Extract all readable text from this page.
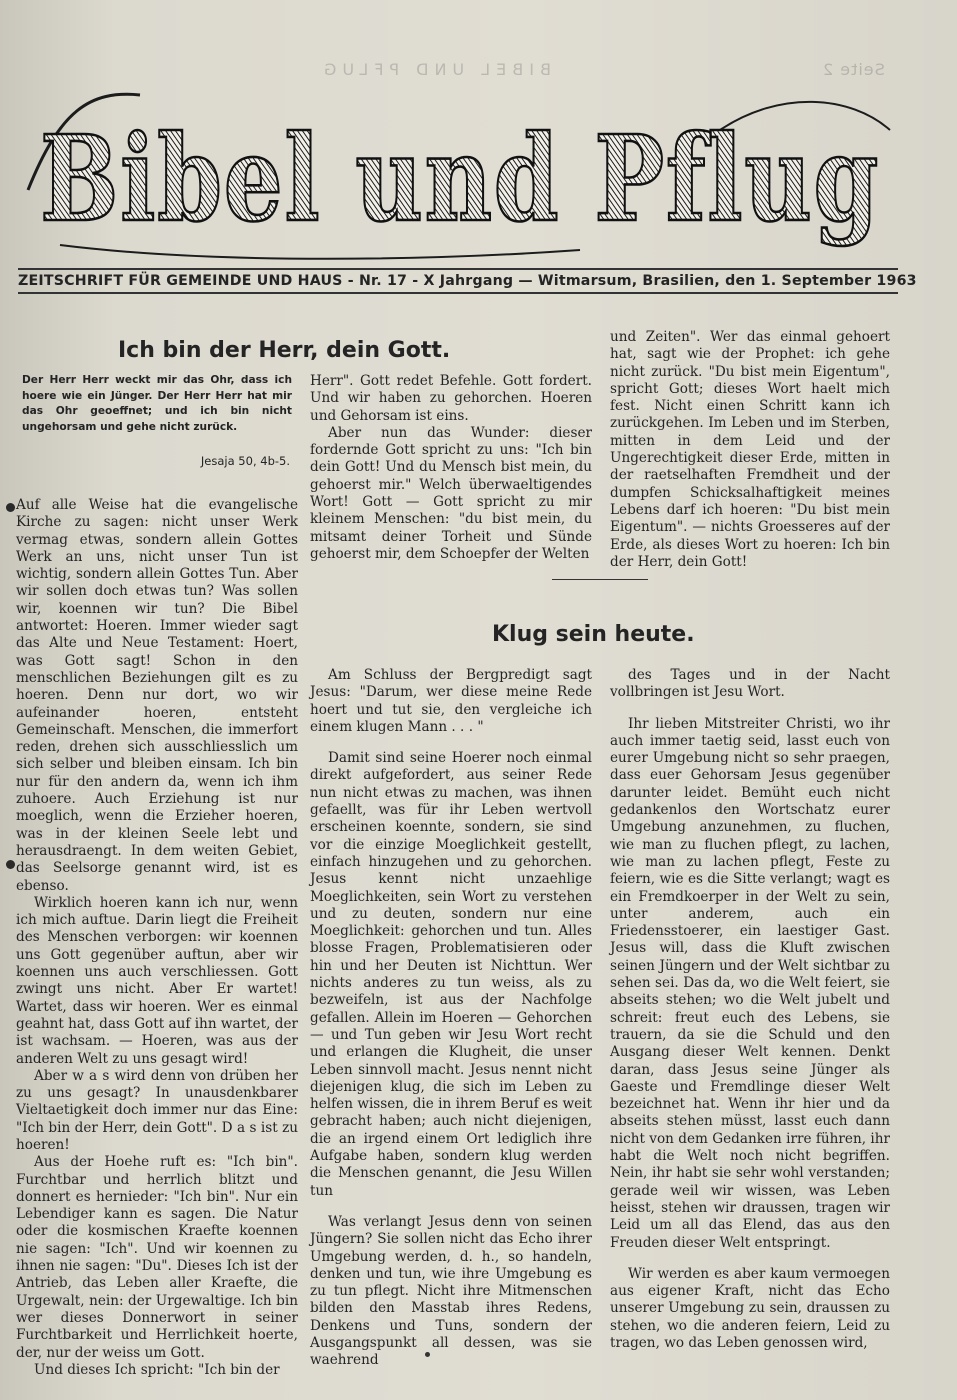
BIBEL UND PFLUG	Seite 2
Bibel und Pflug
ZEITSCHRIFT FÜR GEMEINDE UND HAUS - Nr. 17 - X Jahrgang — Witmarsum, Brasilien, den 1. September 1963
Ich bin der Herr, dein Gott.
Der Herr Herr weckt mir das Ohr, dass ich hoere wie ein Jünger. Der Herr Herr hat mir das Ohr geoeffnet; und ich bin nicht ungehorsam und gehe nicht zurück.
Jesaja 50, 4b-5.

Auf alle Weise hat die evangelische Kirche zu sagen: nicht unser Werk vermag etwas, sondern allein Gottes Werk an uns, nicht unser Tun ist wichtig, sondern allein Gottes Tun. Aber wir sollen doch etwas tun? Was sollen wir, koennen wir tun? Die Bibel antwortet: Hoeren. Immer wieder sagt das Alte und Neue Testament: Hoert, was Gott sagt! Schon in den menschlichen Beziehungen gilt es zu hoeren. Denn nur dort, wo wir aufeinander hoeren, entsteht Gemeinschaft. Menschen, die immerfort reden, drehen sich ausschliesslich um sich selber und bleiben einsam. Ich bin nur für den andern da, wenn ich ihm zuhoere. Auch Erziehung ist nur moeglich, wenn die Erzieher hoeren, was in der kleinen Seele lebt und herausdraengt. In dem weiten Gebiet, das Seelsorge genannt wird, ist es ebenso.

Wirklich hoeren kann ich nur, wenn ich mich auftue. Darin liegt die Freiheit des Menschen verborgen: wir koennen uns Gott gegenüber auftun, aber wir koennen uns auch verschliessen. Gott zwingt uns nicht. Aber Er wartet! Wartet, dass wir hoeren. Wer es einmal geahnt hat, dass Gott auf ihn wartet, der ist wachsam. — Hoeren, was aus der anderen Welt zu uns gesagt wird!

Aber w a s wird denn von drüben her zu uns gesagt? In unausdenkbarer Vieltaetigkeit doch immer nur das Eine: "Ich bin der Herr, dein Gott". D a s ist zu hoeren!

Aus der Hoehe ruft es: "Ich bin". Furchtbar und herrlich blitzt und donnert es hernieder: "Ich bin". Nur ein Lebendiger kann es sagen. Die Natur oder die kosmischen Kraefte koennen nie sagen: "Ich". Und wir koennen zu ihnen nie sagen: "Du". Dieses Ich ist der Antrieb, das Leben aller Kraefte, die Urgewalt, nein: der Urgewaltige. Ich bin wer dieses Donnerwort in seiner Furchtbarkeit und Herrlichkeit hoerte, der, nur der weiss um Gott.

Und dieses Ich spricht: "Ich bin der

Herr". Gott redet Befehle. Gott fordert. Und wir haben zu gehorchen. Hoeren und Gehorsam ist eins.

Aber nun das Wunder: dieser fordernde Gott spricht zu uns: "Ich bin dein Gott! Und du Mensch bist mein, du gehoerst mir." Welch überwaeltigendes Wort! Gott — Gott spricht zu mir kleinem Menschen: "du bist mein, du mitsamt deiner Torheit und Sünde gehoerst mir, dem Schoepfer der Welten

und Zeiten". Wer das einmal gehoert hat, sagt wie der Prophet: ich gehe nicht zurück. "Du bist mein Eigentum", spricht Gott; dieses Wort haelt mich fest. Nicht einen Schritt kann ich zurückgehen. Im Leben und im Sterben, mitten in dem Leid und der Ungerechtigkeit dieser Erde, mitten in der raetselhaften Fremdheit und der dumpfen Schicksalhaftigkeit meines Lebens darf ich hoeren: "Du bist mein Eigentum". — nichts Groesseres auf der Erde, als dieses Wort zu hoeren: Ich bin der Herr, dein Gott!

Klug sein heute.

Am Schluss der Bergpredigt sagt Jesus: "Darum, wer diese meine Rede hoert und tut sie, den vergleiche ich einem klugen Mann . . . "

Damit sind seine Hoerer noch einmal direkt aufgefordert, aus seiner Rede nun nicht etwas zu machen, was ihnen gefaellt, was für ihr Leben wertvoll erscheinen koennte, sondern, sie sind vor die einzige Moeglichkeit gestellt, einfach hinzugehen und zu gehorchen. Jesus kennt nicht unzaehlige Moeglichkeiten, sein Wort zu verstehen und zu deuten, sondern nur eine Moeglichkeit: gehorchen und tun. Alles blosse Fragen, Problematisieren oder hin und her Deuten ist Nichttun. Wer nichts anderes zu tun weiss, als zu bezweifeln, ist aus der Nachfolge gefallen. Allein im Hoeren — Gehorchen — und Tun geben wir Jesu Wort recht und erlangen die Klugheit, die unser Leben sinnvoll macht. Jesus nennt nicht diejenigen klug, die sich im Leben zu helfen wissen, die in ihrem Beruf es weit gebracht haben; auch nicht diejenigen, die an irgend einem Ort lediglich ihre Aufgabe haben, sondern klug werden die Menschen genannt, die Jesu Willen tun

Was verlangt Jesus denn von seinen Jüngern? Sie sollen nicht das Echo ihrer Umgebung werden, d. h., so handeln, denken und tun, wie ihre Umgebung es zu tun pflegt. Nicht ihre Mitmenschen bilden den Masstab ihres Redens, Denkens und Tuns, sondern der Ausgangspunkt all dessen, was sie waehrend

des Tages und in der Nacht vollbringen ist Jesu Wort.

Ihr lieben Mitstreiter Christi, wo ihr auch immer taetig seid, lasst euch von eurer Umgebung nicht so sehr praegen, dass euer Gehorsam Jesus gegenüber darunter leidet. Bemüht euch nicht gedankenlos den Wortschatz eurer Umgebung anzunehmen, zu fluchen, wie man zu fluchen pflegt, zu lachen, wie man zu lachen pflegt, Feste zu feiern, wie es die Sitte verlangt; wagt es ein Fremdkoerper in der Welt zu sein, unter anderem, auch ein Friedensstoerer, ein laestiger Gast. Jesus will, dass die Kluft zwischen seinen Jüngern und der Welt sichtbar zu sehen sei. Das da, wo die Welt feiert, sie abseits stehen; wo die Welt jubelt und schreit: freut euch des Lebens, sie trauern, da sie die Schuld und den Ausgang dieser Welt kennen. Denkt daran, dass Jesus seine Jünger als Gaeste und Fremdlinge dieser Welt bezeichnet hat. Wenn ihr hier und da abseits stehen müsst, lasst euch dann nicht von dem Gedanken irre führen, ihr habt die Welt noch nicht begriffen. Nein, ihr habt sie sehr wohl verstanden; gerade weil wir wissen, was Leben heisst, stehen wir draussen, tragen wir Leid um all das Elend, das aus den Freuden dieser Welt entspringt.

Wir werden es aber kaum vermoegen aus eigener Kraft, nicht das Echo unserer Umgebung zu sein, draussen zu stehen, wo die anderen feiern, Leid zu tragen, wo das Leben genossen wird,
